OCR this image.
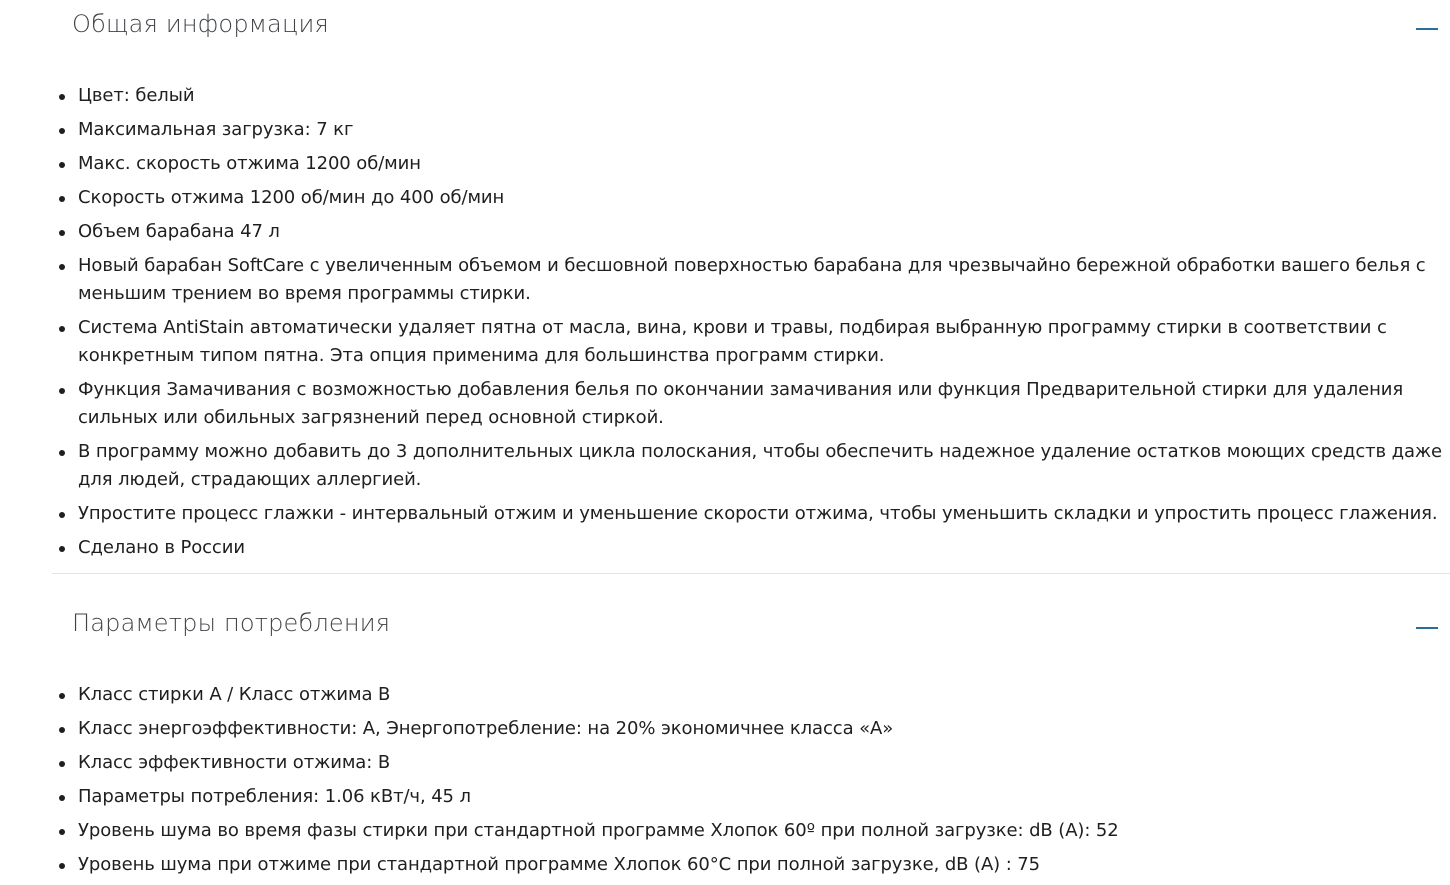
Общая информация
Цвет: белый
Максимальная загрузка: 7 кг
Макс. скорость отжима 1200 об/мин
Скорость отжима 1200 об/мин до 400 об/мин
Объем барабана 47 л
Новый барабан SoftCare с увеличенным объемом и бесшовной поверхностью барабана для чрезвычайно бережной обработки вашего белья с меньшим трением во время программы стирки.
Система AntiStain автоматически удаляет пятна от масла, вина, крови и травы, подбирая выбранную программу стирки в соответствии с конкретным типом пятна. Эта опция применима для большинства программ стирки.
Функция Замачивания с возможностью добавления белья по окончании замачивания или функция Предварительной стирки для удаления сильных или обильных загрязнений перед основной стиркой.
В программу можно добавить до 3 дополнительных цикла полоскания, чтобы обеспечить надежное удаление остатков моющих средств даже для людей, страдающих аллергией.
Упростите процесс глажки - интервальный отжим и уменьшение скорости отжима, чтобы уменьшить складки и упростить процесс глажения.
Сделано в России
Параметры потребления
Класс стирки А / Класс отжима В
Класс энергоэффективности: А, Энергопотребление: на 20% экономичнее класса «А»
Класс эффективности отжима: В
Параметры потребления: 1.06 кВт/ч, 45 л
Уровень шума во время фазы стирки при стандартной программе Хлопок 60º при полной загрузке: dB (A): 52
Уровень шума при отжиме при стандартной программе Хлопок 60°С при полной загрузке, dB (A) : 75
